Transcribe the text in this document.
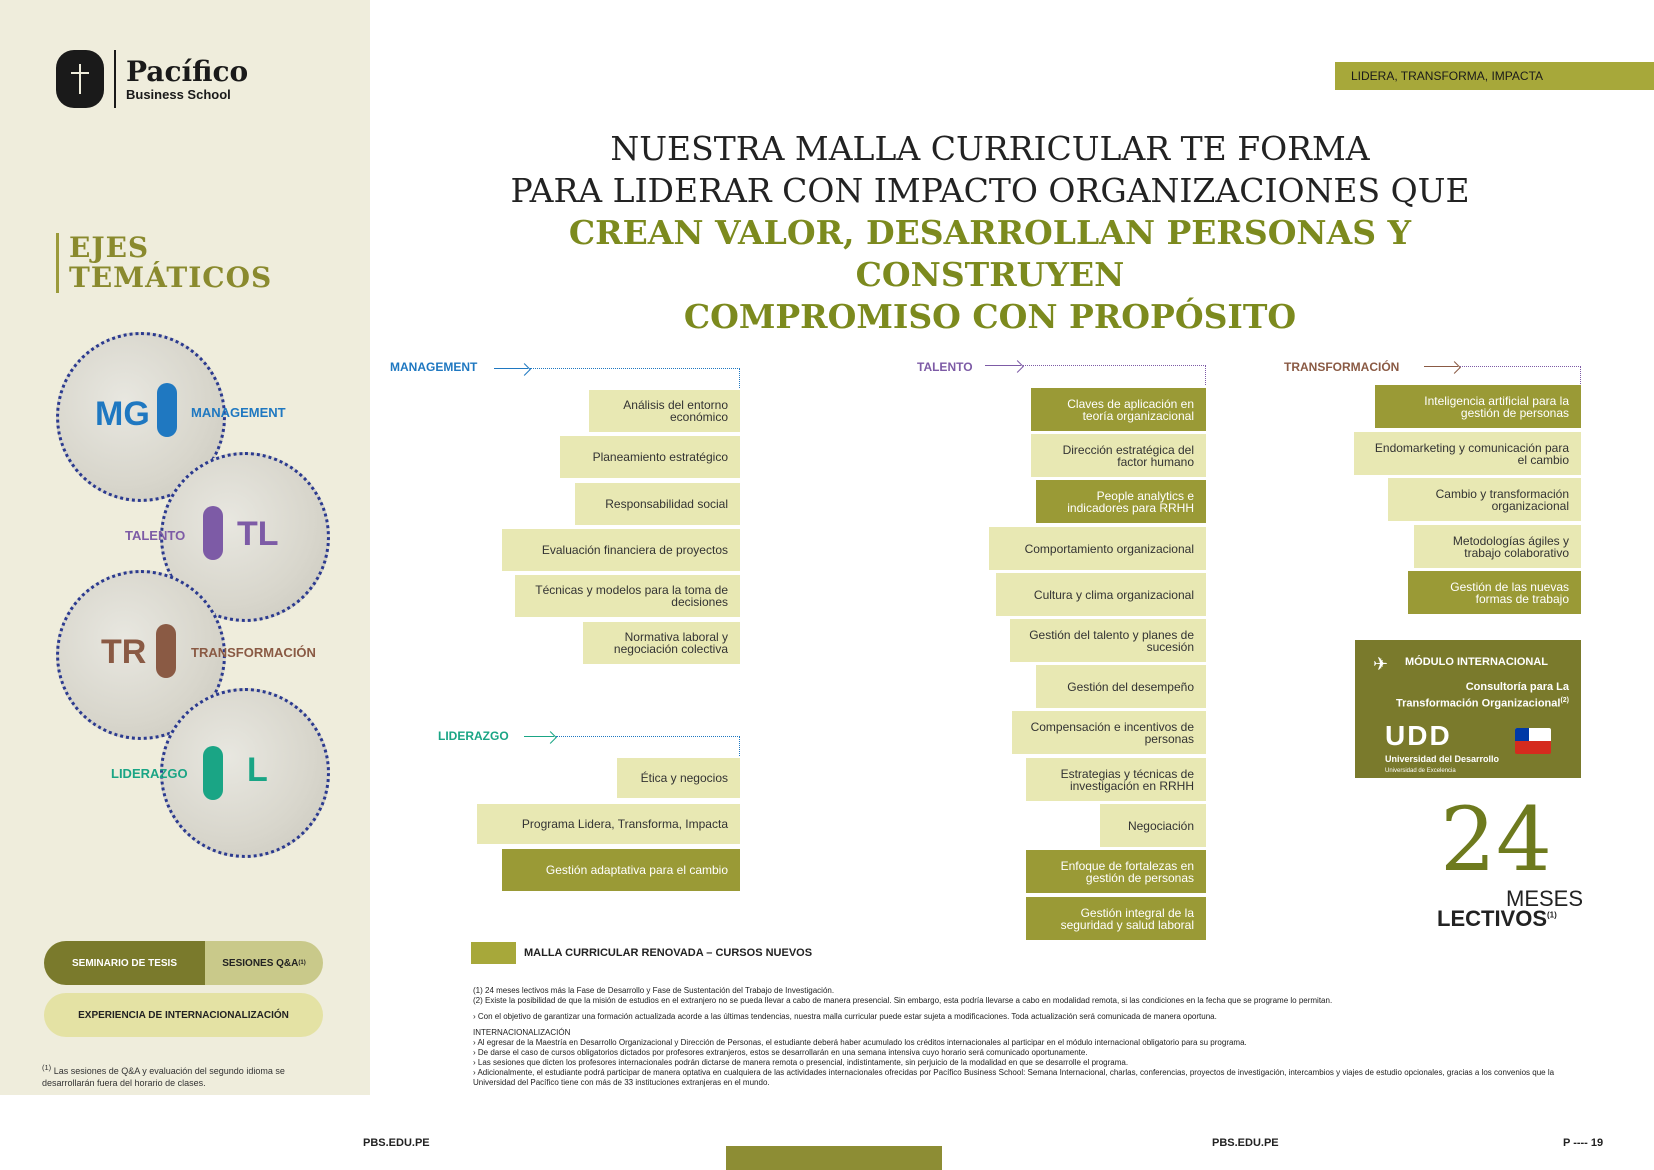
Pacífico
Business School
EJES
TEMÁTICOS
MG	MANAGEMENT
TL
TALENTO
TR	TRANSFORMACIÓN
L
LIDERAZGO
SEMINARIO DE TESIS	SESIONES Q&A (1)
EXPERIENCIA DE INTERNACIONALIZACIÓN
$^{(1)}$ Las sesiones de Q&A y evaluación del segundo idioma se desarrollarán fuera del horario de clases.
LIDERA, TRANSFORMA, IMPACTA
NUESTRA MALLA CURRICULAR TE FORMA
PARA LIDERAR CON IMPACTO ORGANIZACIONES QUE
CREAN VALOR, DESARROLLAN PERSONAS Y CONSTRUYEN
COMPROMISO CON PROPÓSITO
MANAGEMENT
Análisis del entorno económico
Planeamiento estratégico
Responsabilidad social
Evaluación financiera de proyectos
Técnicas y modelos para la toma de decisiones
Normativa laboral y negociación colectiva
LIDERAZGO
Ética y negocios
Programa Lidera, Transforma, Impacta
Gestión adaptativa para el cambio
TALENTO
Claves de aplicación en teoría organizacional
Dirección estratégica del factor humano
People analytics e indicadores para RRHH
Comportamiento organizacional
Cultura y clima organizacional
Gestión del talento y planes de sucesión
Gestión del desempeño
Compensación e incentivos de personas
Estrategias y técnicas de investigación en RRHH
Negociación
Enfoque de fortalezas en gestión de personas
Gestión integral de la seguridad y salud laboral
TRANSFORMACIÓN
Inteligencia artificial para la gestión de personas
Endomarketing y comunicación para el cambio
Cambio y transformación organizacional
Metodologías ágiles y trabajo colaborativo
Gestión de las nuevas formas de trabajo
✈ MÓDULO INTERNACIONAL
Consultoría para La
Transformación Organizacional$^{(2)}$
UDD
Universidad del Desarrollo
Universidad de Excelencia
24
MESES
LECTIVOS$^{(1)}$
MALLA CURRICULAR RENOVADA – CURSOS NUEVOS
(1) 24 meses lectivos más la Fase de Desarrollo y Fase de Sustentación del Trabajo de Investigación.
(2) Existe la posibilidad de que la misión de estudios en el extranjero no se pueda llevar a cabo de manera presencial. Sin embargo, esta podría llevarse a cabo en modalidad remota, si las condiciones en la fecha que se programe lo permitan.
› Con el objetivo de garantizar una formación actualizada acorde a las últimas tendencias, nuestra malla curricular puede estar sujeta a modificaciones. Toda actualización será comunicada de manera oportuna.
INTERNACIONALIZACIÓN
› Al egresar de la Maestría en Desarrollo Organizacional y Dirección de Personas, el estudiante deberá haber acumulado los créditos internacionales al participar en el módulo internacional obligatorio para su programa.
› De darse el caso de cursos obligatorios dictados por profesores extranjeros, estos se desarrollarán en una semana intensiva cuyo horario será comunicado oportunamente.
› Las sesiones que dicten los profesores internacionales podrán dictarse de manera remota o presencial, indistintamente, sin perjuicio de la modalidad en que se desarrolle el programa.
› Adicionalmente, el estudiante podrá participar de manera optativa en cualquiera de las actividades internacionales ofrecidas por Pacífico Business School: Semana Internacional, charlas, conferencias, proyectos de investigación, intercambios y viajes de estudio opcionales, gracias a los convenios que la Universidad del Pacífico tiene con más de 33 instituciones extranjeras en el mundo.
PBS.EDU.PE	PBS.EDU.PE	P ---- 19
